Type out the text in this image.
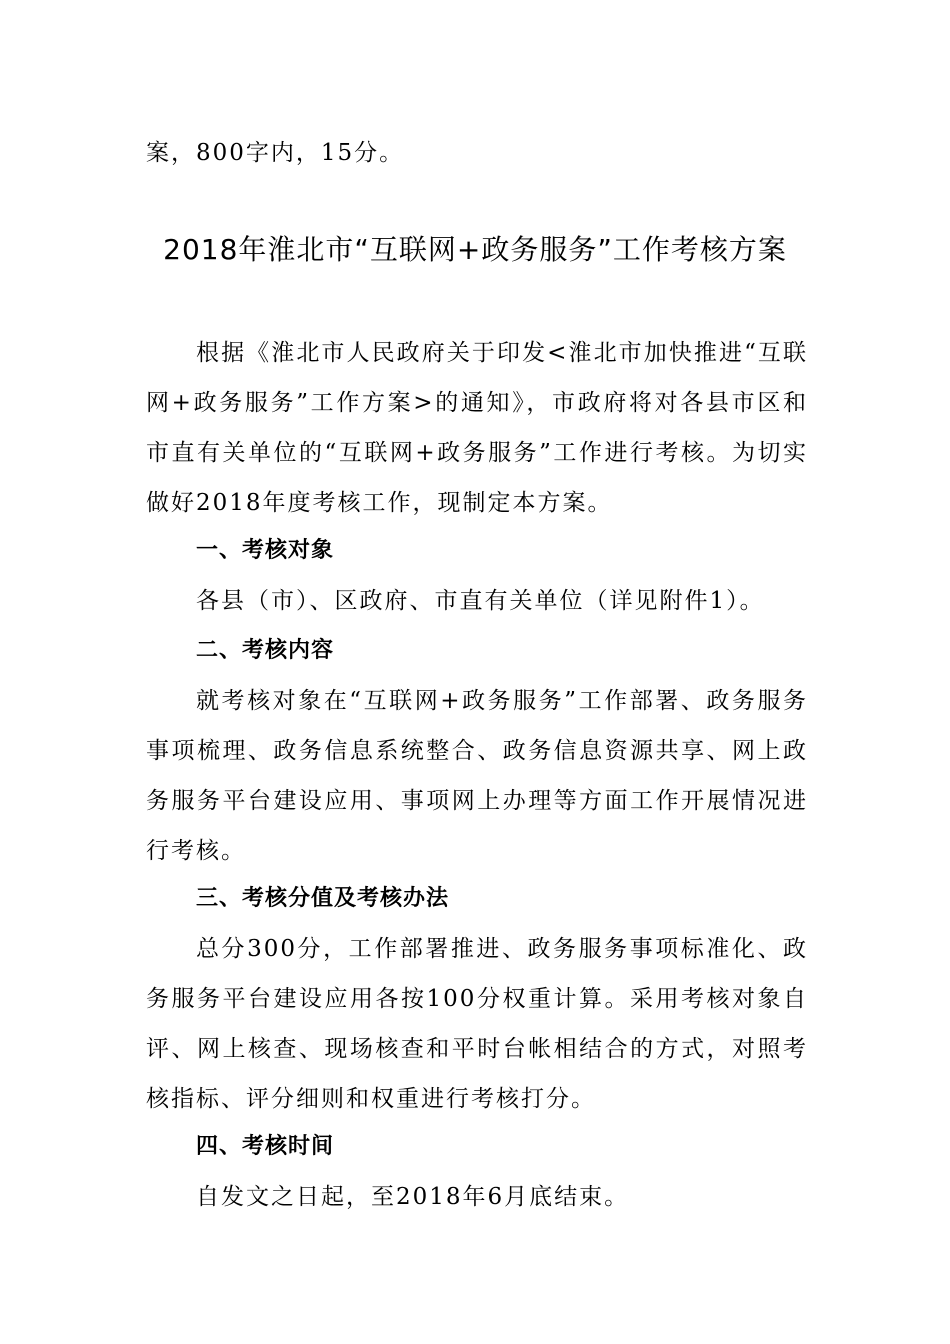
案，800字内，15分。

2018年淮北市“互联网+政务服务”工作考核方案

根据《淮北市人民政府关于印发<淮北市加快推进“互联
网+政务服务”工作方案>的通知》，市政府将对各县市区和
市直有关单位的“互联网+政务服务”工作进行考核。为切实
做好2018年度考核工作，现制定本方案。

一、考核对象

各县（市）、区政府、市直有关单位（详见附件1）。

二、考核内容

就考核对象在“互联网+政务服务”工作部署、政务服务
事项梳理、政务信息系统整合、政务信息资源共享、网上政
务服务平台建设应用、事项网上办理等方面工作开展情况进
行考核。

三、考核分值及考核办法

总分300分，工作部署推进、政务服务事项标准化、政
务服务平台建设应用各按100分权重计算。采用考核对象自
评、网上核查、现场核查和平时台帐相结合的方式，对照考
核指标、评分细则和权重进行考核打分。

四、考核时间

自发文之日起，至2018年6月底结束。
